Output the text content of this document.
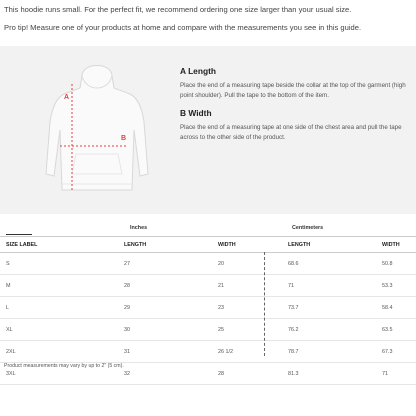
This hoodie runs small. For the perfect fit, we recommend ordering one size larger than your usual size.

Pro tip! Measure one of your products at home and compare with the measurements you see in this guide.

A
B
A Length
Place the end of a measuring tape beside the collar at the top of the garment (high point shoulder). Pull the tape to the bottom of the item.
B Width
Place the end of a measuring tape at one side of the chest area and pull the tape across to the other side of the product.
Inches	Centimeters
SIZE LABEL	LENGTH	WIDTH		LENGTH	WIDTH
S	27	20		68.6	50.8
M	28	21		71	53.3
L	29	23		73.7	58.4
XL	30	25		76.2	63.5
2XL	31	26 1/2		78.7	67.3
3XL	32	28		81.3	71
Product measurements may vary by up to 2" (5 cm).
